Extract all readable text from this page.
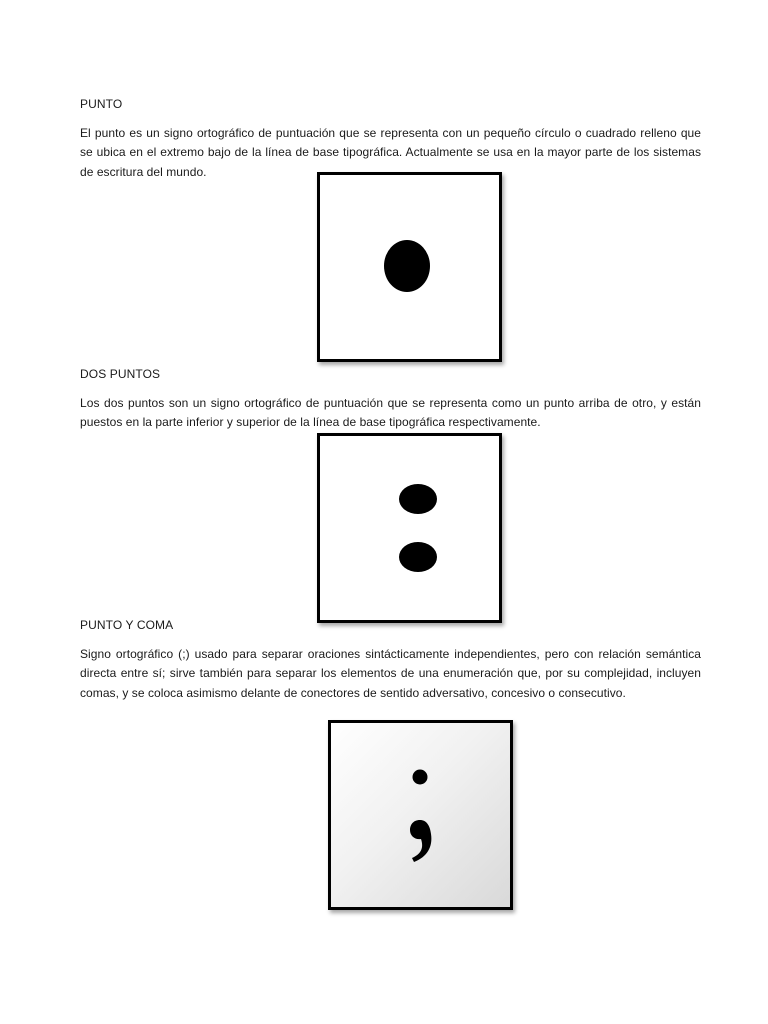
PUNTO

El punto es un signo ortográfico de puntuación que se representa con un pequeño círculo o cuadrado relleno que se ubica en el extremo bajo de la línea de base tipográfica. Actualmente se usa en la mayor parte de los sistemas de escritura del mundo.

DOS PUNTOS

Los dos puntos son un signo ortográfico de puntuación que se representa como un punto arriba de otro, y están puestos en la parte inferior y superior de la línea de base tipográfica respectivamente.

PUNTO Y COMA

Signo ortográfico (;) usado para separar oraciones sintácticamente independientes, pero con relación semántica directa entre sí; sirve también para separar los elementos de una enumeración que, por su complejidad, incluyen comas, y se coloca asimismo delante de conectores de sentido adversativo, concesivo o consecutivo.
